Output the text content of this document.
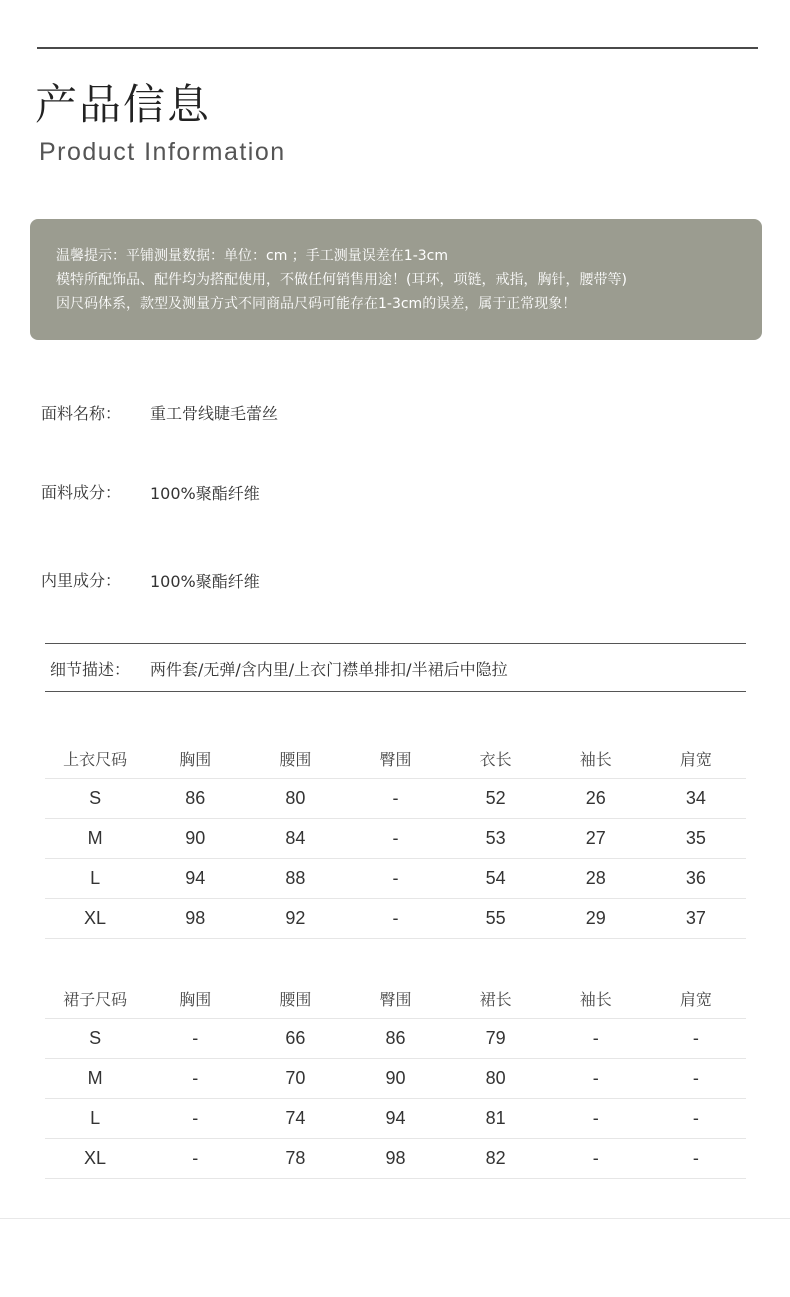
产品信息
Product Information
温馨提示：平铺测量数据：单位：cm ；手工测量误差在1-3cm
模特所配饰品、配件均为搭配使用，不做任何销售用途！(耳环，项链，戒指，胸针，腰带等)
因尺码体系，款型及测量方式不同商品尺码可能存在1-3cm的误差，属于正常现象！
面料名称： 重工骨线睫毛蕾丝
面料成分： 100%聚酯纤维
内里成分： 100%聚酯纤维
细节描述： 两件套/无弹/含内里/上衣门襟单排扣/半裙后中隐拉
上衣尺码	胸围	腰围	臀围	衣长	袖长	肩宽
S	86	80	-	52	26	34
M	90	84	-	53	27	35
L	94	88	-	54	28	36
XL	98	92	-	55	29	37
裙子尺码	胸围	腰围	臀围	裙长	袖长	肩宽
S	-	66	86	79	-	-
M	-	70	90	80	-	-
L	-	74	94	81	-	-
XL	-	78	98	82	-	-
